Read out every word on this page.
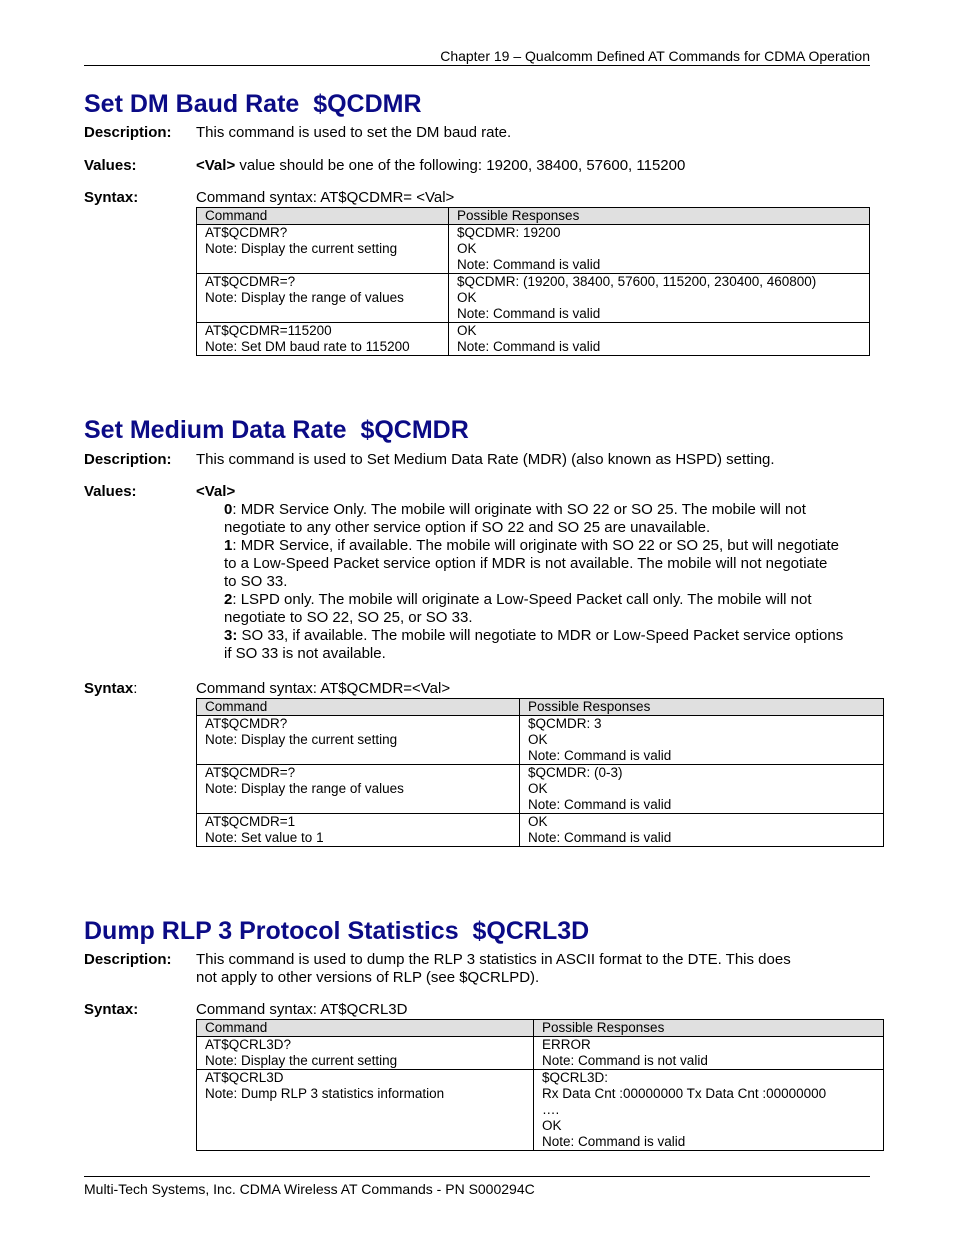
Chapter 19 – Qualcomm Defined AT Commands for CDMA Operation
Set DM Baud Rate  $QCDMR
Description: This command is used to set the DM baud rate.
Values:	<Val> value should be one of the following: 19200, 38400, 57600, 115200
Syntax:	Command syntax: AT$QCDMR= <Val>
Command	Possible Responses

AT$QCDMR?
Note: Display the current setting	$QCDMR: 19200
OK
Note: Command is valid

AT$QCDMR=?
Note: Display the range of values	$QCDMR: (19200, 38400, 57600, 115200, 230400, 460800)
OK
Note: Command is valid

AT$QCDMR=115200
Note: Set DM baud rate to 115200	OK
Note: Command is valid
Set Medium Data Rate  $QCMDR
Description: This command is used to Set Medium Data Rate (MDR) (also known as HSPD) setting.
Values:	<Val>

0: MDR Service Only. The mobile will originate with SO 22 or SO 25. The mobile will not negotiate to any other service option if SO 22 and SO 25 are unavailable.

1: MDR Service, if available. The mobile will originate with SO 22 or SO 25, but will negotiate to a Low-Speed Packet service option if MDR is not available. The mobile will not negotiate to SO 33.

2: LSPD only. The mobile will originate a Low-Speed Packet call only. The mobile will not negotiate to SO 22, SO 25, or SO 33.

3: SO 33, if available. The mobile will negotiate to MDR or Low-Speed Packet service options if SO 33 is not available.

Syntax:	Command syntax: AT$QCMDR=<Val>
Command	Possible Responses

AT$QCMDR?
Note: Display the current setting	$QCMDR: 3
OK
Note: Command is valid

AT$QCMDR=?
Note: Display the range of values	$QCMDR: (0-3)
OK
Note: Command is valid

AT$QCMDR=1
Note: Set value to 1	OK
Note: Command is valid
Dump RLP 3 Protocol Statistics  $QCRL3D
Description: This command is used to dump the RLP 3 statistics in ASCII format to the DTE. This does
not apply to other versions of RLP (see $QCRLPD).
Syntax:	Command syntax: AT$QCRL3D
Command	Possible Responses

AT$QCRL3D?
Note: Display the current setting	ERROR
Note: Command is not valid

AT$QCRL3D
Note: Dump RLP 3 statistics information	$QCRL3D:
Rx Data Cnt :00000000 Tx Data Cnt :00000000
….
OK
Note: Command is valid
Multi-Tech Systems, Inc. CDMA Wireless AT Commands - PN S000294C
